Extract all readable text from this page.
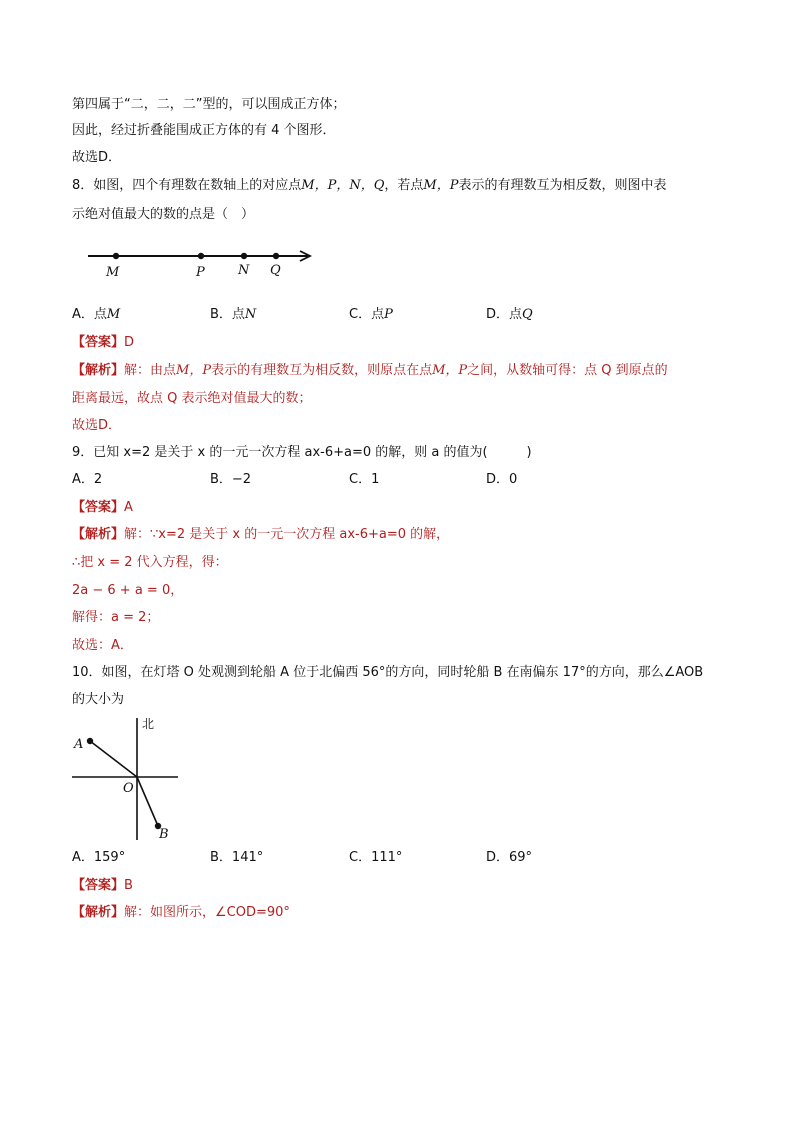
第四属于“二，二，二”型的，可以围成正方体；
因此，经过折叠能围成正方体的有 4 个图形．
故选D．
8．如图，四个有理数在数轴上的对应点M，P，N，Q，若点M，P表示的有理数互为相反数，则图中表
示绝对值最大的数的点是（　）
M	P	N Q
A．点M	B．点N	C．点P	D．点Q
【答案】D
【解析】解：由点M，P表示的有理数互为相反数，则原点在点M，P之间，从数轴可得：点 Q 到原点的
距离最远，故点 Q 表示绝对值最大的数；
故选D．
9．已知 x=2 是关于 x 的一元一次方程 ax-6+a=0 的解，则 a 的值为(　　　)
A．2	B．−2	C．1	D．0
【答案】A
【解析】解：∵x=2 是关于 x 的一元一次方程 ax-6+a=0 的解，
∴把 x = 2 代入方程，得：
2a − 6 + a = 0，
解得：a = 2；
故选：A．
10．如图，在灯塔 O 处观测到轮船 A 位于北偏西 56°的方向，同时轮船 B 在南偏东 17°的方向，那么∠AOB
的大小为
北
A
O
B
A．159°	B．141°	C．111°	D．69°
【答案】B
【解析】解：如图所示，∠COD=90°
